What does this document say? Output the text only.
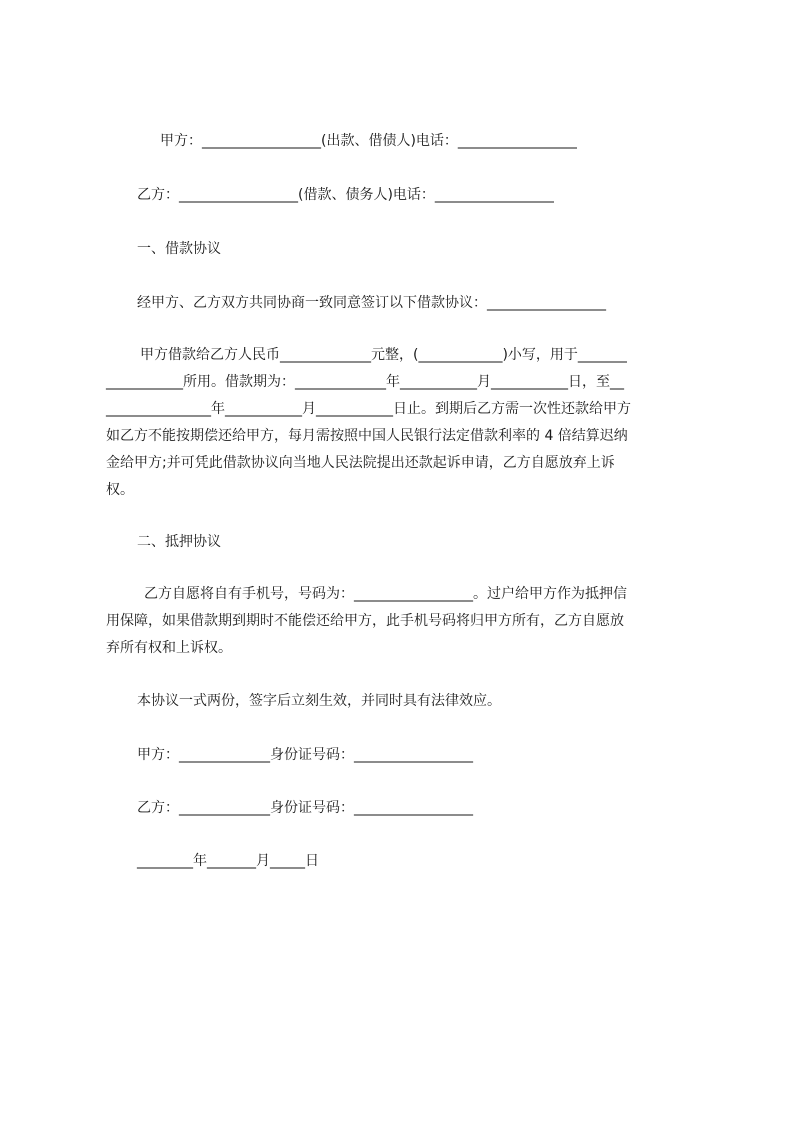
甲方：_________________(出款、借债人)电话：_________________
乙方：_________________(借款、债务人)电话：_________________
一、借款协议
经甲方、乙方双方共同协商一致同意签订以下借款协议：_________________
甲方借款给乙方人民币_____________元整，(____________)小写，用于_______
___________所用。借款期为：_____________年___________月___________日，至__
_______________年___________月___________日止。到期后乙方需一次性还款给甲方
如乙方不能按期偿还给甲方，每月需按照中国人民银行法定借款利率的 4 倍结算迟纳
金给甲方;并可凭此借款协议向当地人民法院提出还款起诉申请，乙方自愿放弃上诉
权。
二、抵押协议
乙方自愿将自有手机号，号码为：_________________。过户给甲方作为抵押信
用保障，如果借款期到期时不能偿还给甲方，此手机号码将归甲方所有，乙方自愿放
弃所有权和上诉权。
本协议一式两份，签字后立刻生效，并同时具有法律效应。
甲方：_____________身份证号码：_________________
乙方：_____________身份证号码：_________________
________年_______月_____日
